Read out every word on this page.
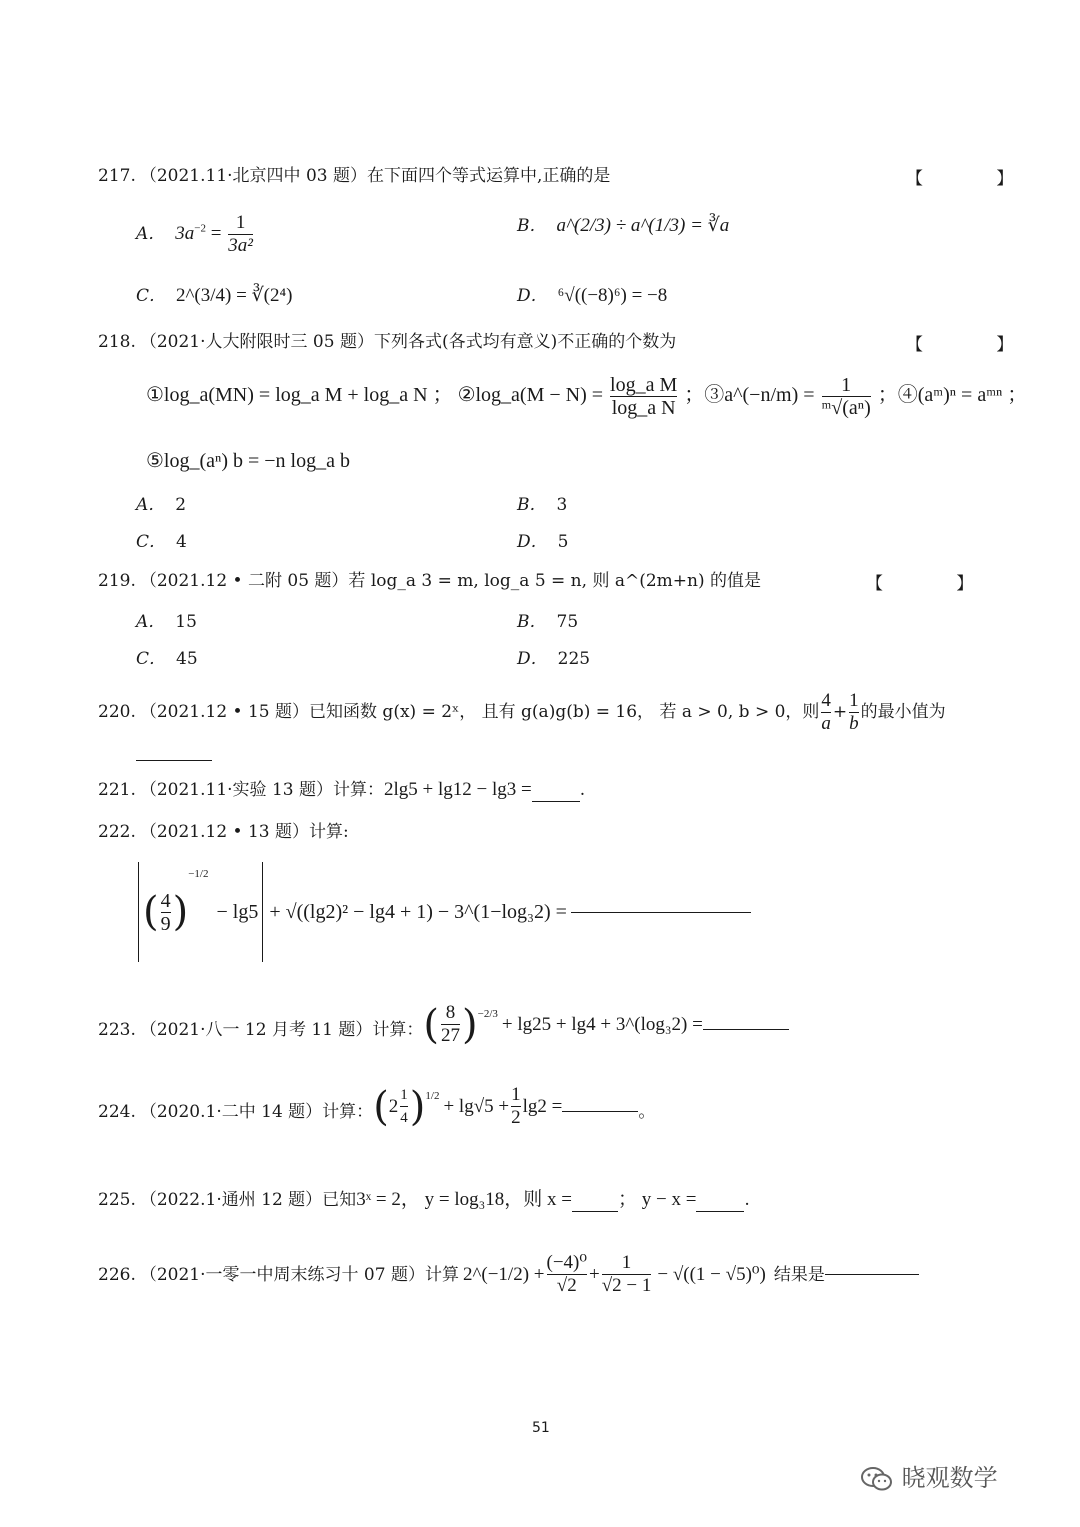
217. （2021.11·北京四中 03 题）在下面四个等式运算中,正确的是	【 】
A． $3a^{-2} = \frac{1}{\text{3a²}}$	B． a^(2/3) ÷ a^(1/3) = ∛a
C． 2^(3/4) = ∛(2⁴)	D． ⁶√((−8)⁶) = −8
218. （2021·人大附限时三 05 题）下列各式(各式均有意义)不正确的个数为	【 】
①log_a(MN) = log_a M + log_a N ； ②log_a(M − $N) = \frac{\text{log\_a M}}{\text{log\_a N}}$ ；③a^(−n/m) = $\frac{1}{\text{ᵐ√(aⁿ)}}$ ；④(aᵐ)ⁿ = aᵐⁿ ；
⑤log_(aⁿ) b = −n log_a b
A． 2	B． 3
C． 4	D． 5
219. （2021.12 • 二附 05 题）若 log_a 3 = m, log_a 5 = n, 则 a^(2m+n) 的值是	【 】
A． 15	B． 75
C． 45	D． 225
220. （2021.12 • 15 题）已知函数 g(x) = 2ˣ， 且有 g(a)g(b) = 16， 若 a > 0, b > 0，则 $\frac{4}{a} + \frac{1}{b}$ 的最小值为
221. （2021.11·实验 13 题）计算：2lg5 + lg12 − lg3 =	.
222. （2021.12 • 13 题）计算:
( $\frac{4}{9}$ )
−1/2
− lg5 + √((lg2)² − lg4 + 1) − 3^(1−log₃2) =
223. （2021·八一 12 月考 11 题）计算： ( $\frac{8}{27} )^{-2/3} + \lg 25 + \lg 4$ + 3^(log₃2) =
224. （2020.1·二中 14 题）计算： ( $2 \frac{1}{4} )^{1/2} + \lg√5 + \frac{1}{2} \lg 2$ =	。
225. （2022.1·通州 12 题）已知3ˣ = 2， y = log₃18，则 x = ； y − x =	.
226. （2021·一零一中周末练习十 07 题）计算 2^(−1/2) + $\frac{\text{(−4)⁰}}{√2} + \frac{1}{√2 - 1} - √((1 - √5)^0)$ 结果是
51
晓观数学
